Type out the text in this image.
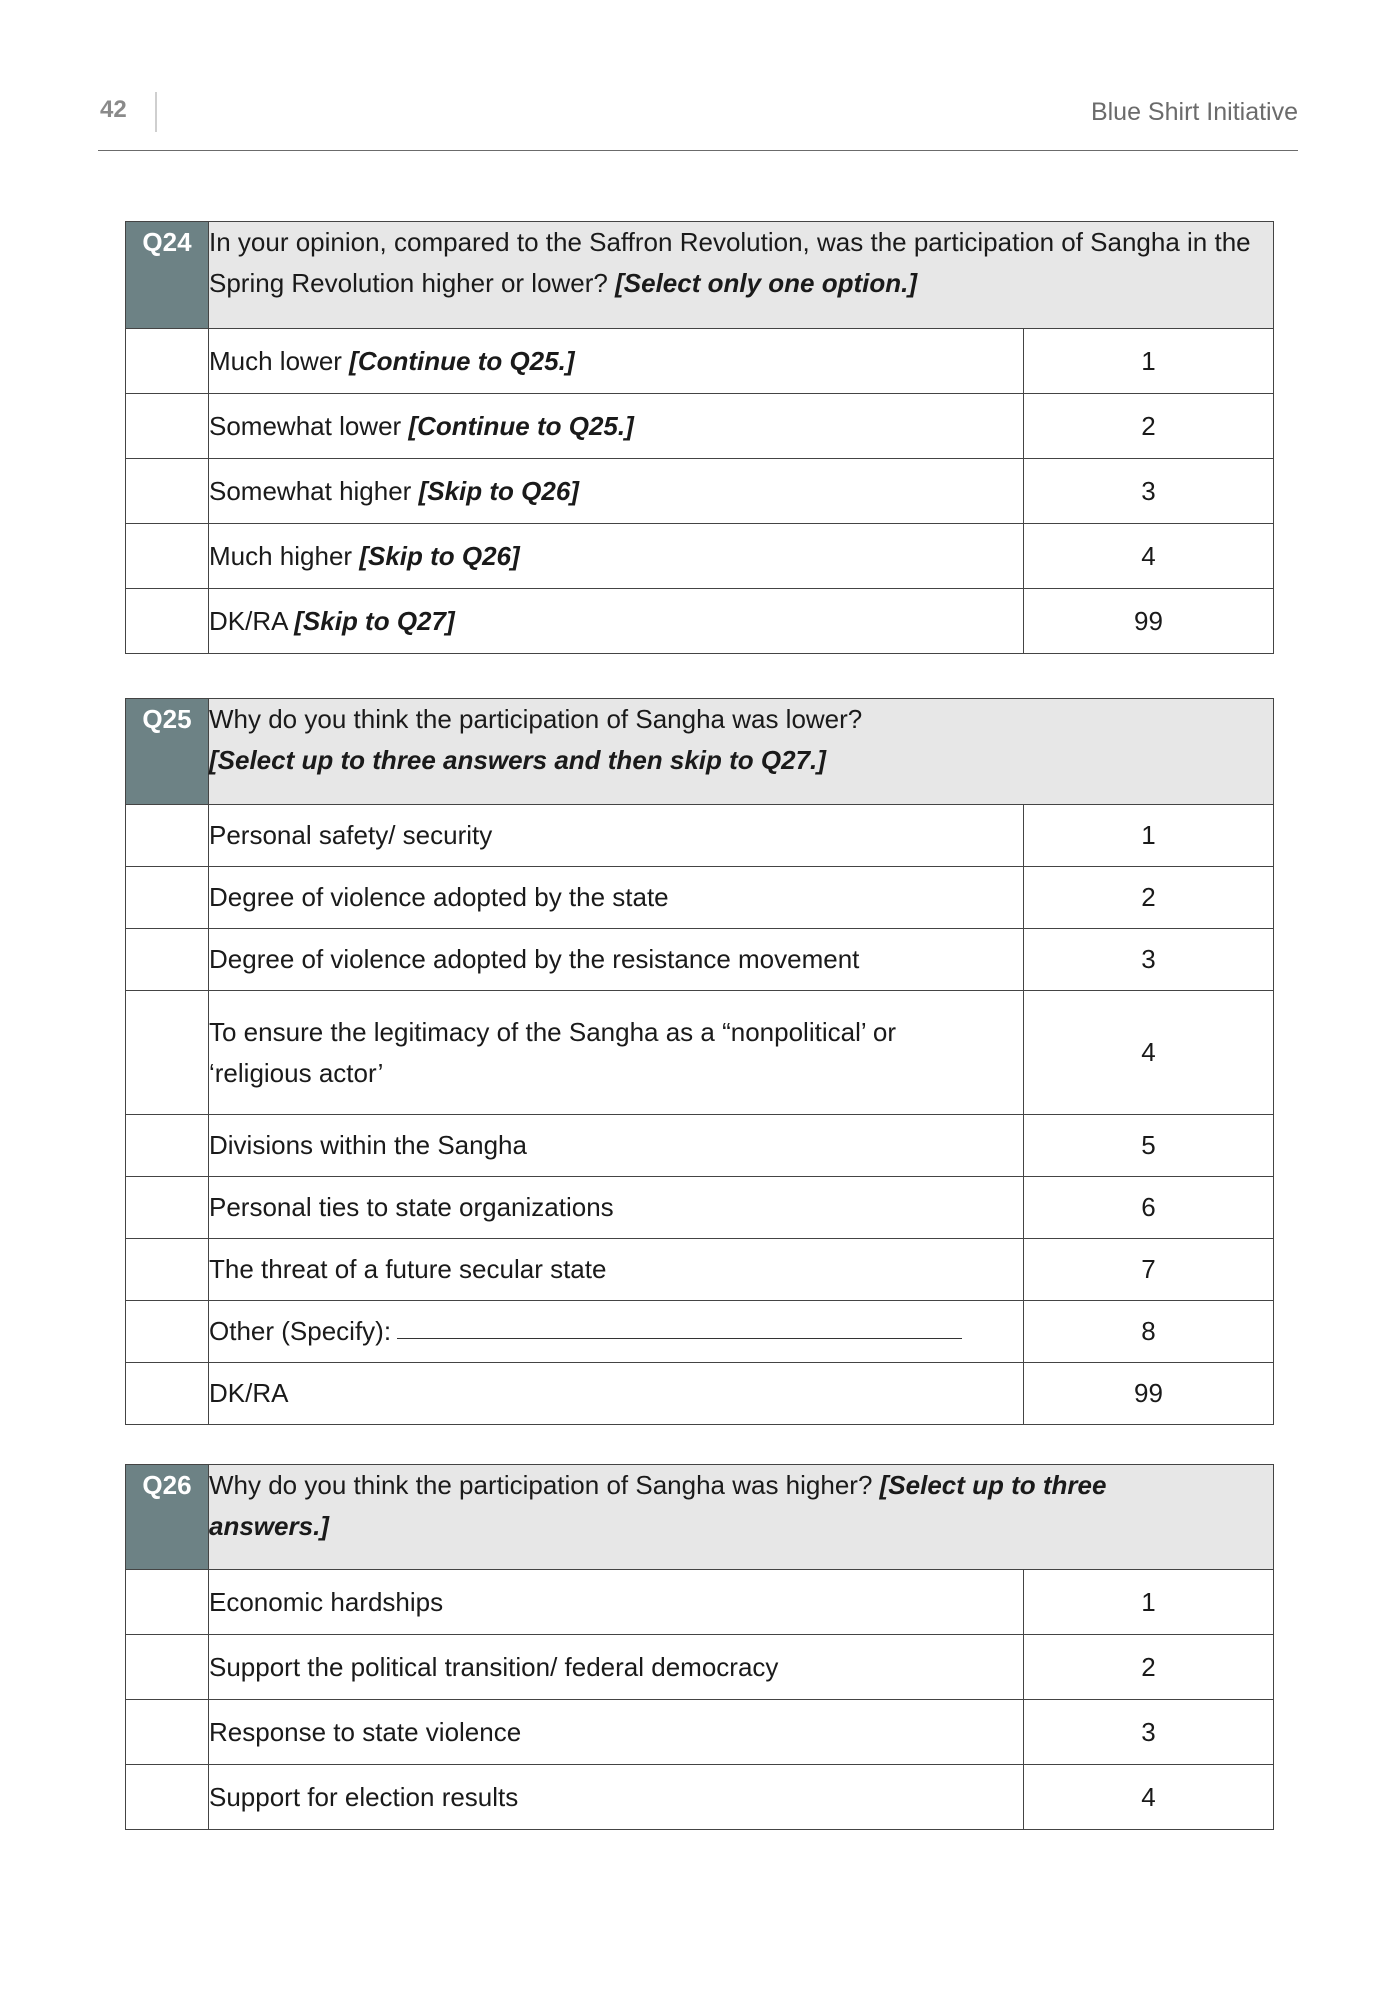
42	Blue Shirt Initiative
Q24	In your opinion, compared to the Saffron Revolution, was the participation of Sangha in the Spring Revolution higher or lower? [Select only one option.]	
	Much lower [Continue to Q25.]	1
	Somewhat lower [Continue to Q25.]	2
	Somewhat higher [Skip to Q26]	3
	Much higher [Skip to Q26]	4
	DK/RA [Skip to Q27]	99
Q25	Why do you think the participation of Sangha was lower?
[Select up to three answers and then skip to Q27.]	

	Personal safety/ security	1
	Degree of violence adopted by the state	2
	Degree of violence adopted by the resistance movement	3

	To ensure the legitimacy of the Sangha as a “nonpolitical’ or
‘religious actor’	4
	Divisions within the Sangha	5
	Personal ties to state organizations	6
	The threat of a future secular state	7
	Other (Specify):	8
	DK/RA	99
Q26	Why do you think the participation of Sangha was higher? [Select up to three
answers.]	

	Economic hardships	1
	Support the political transition/ federal democracy	2
	Response to state violence	3
	Support for election results	4
